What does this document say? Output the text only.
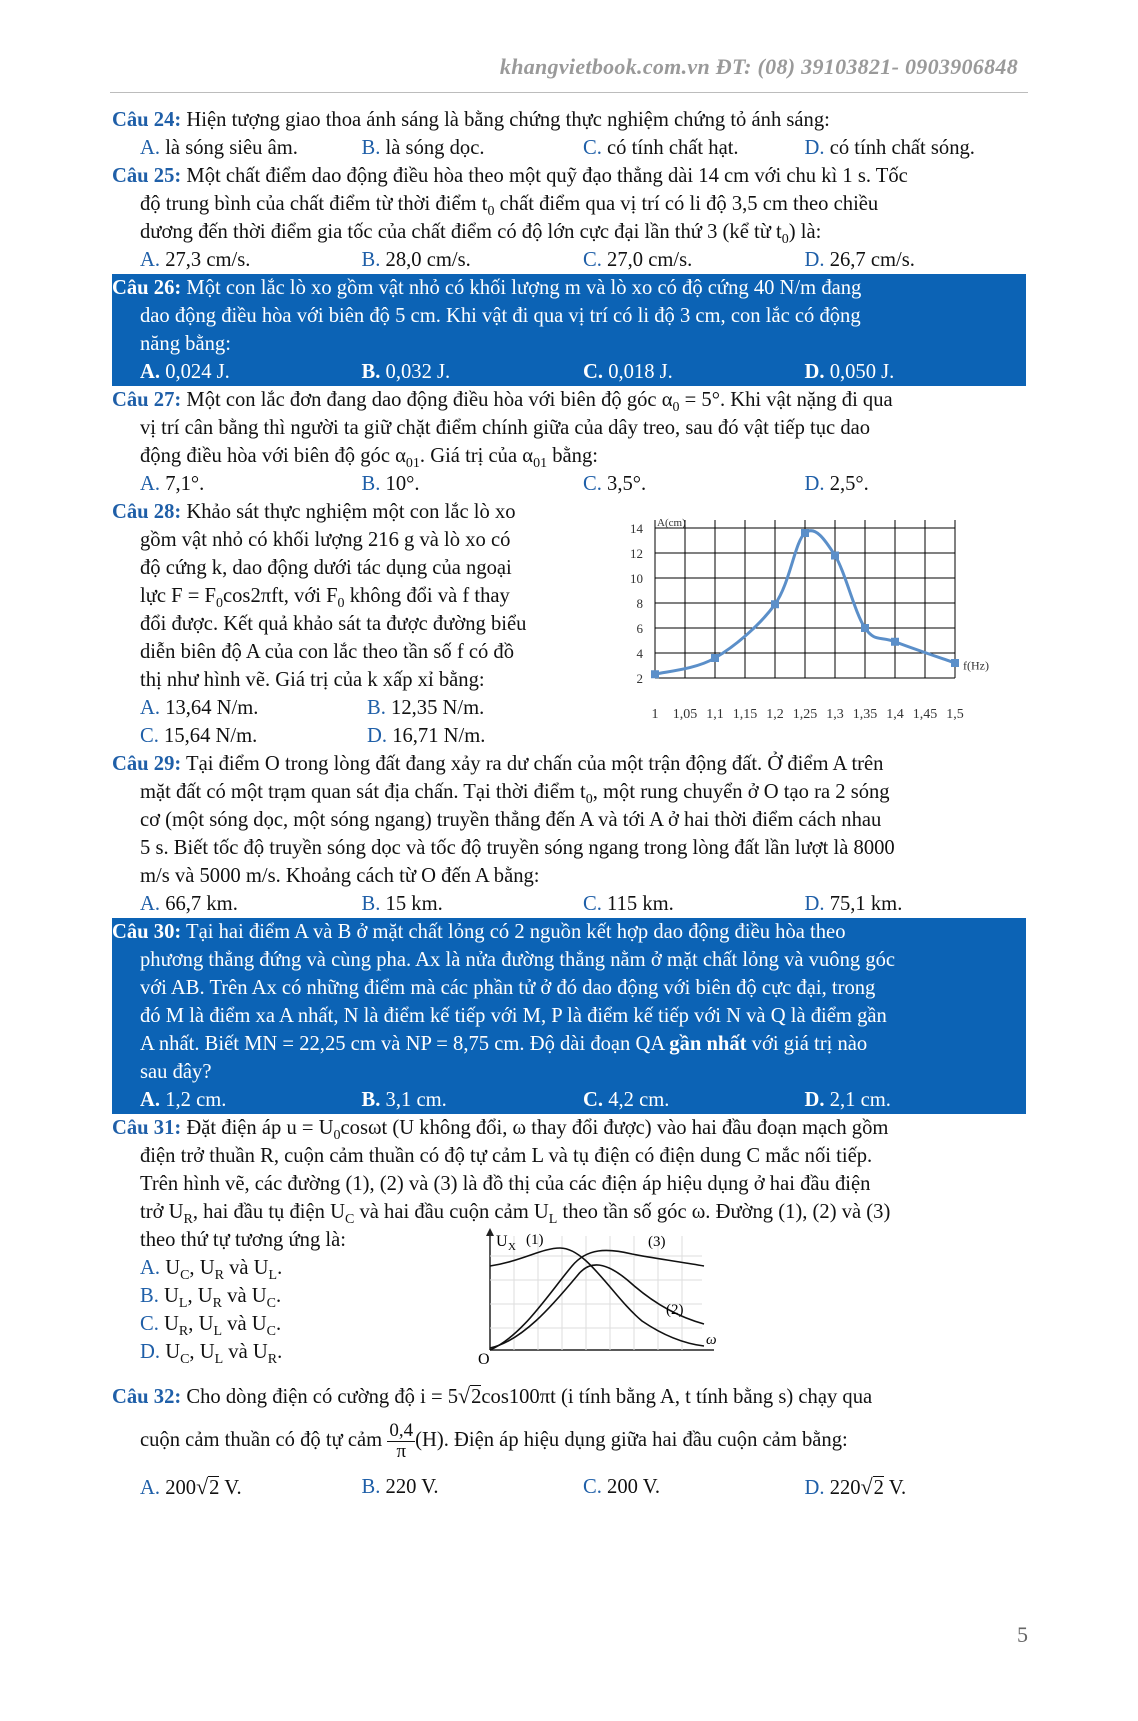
khangvietbook.com.vn ĐT: (08) 39103821- 0903906848
Câu 24: Hiện tượng giao thoa ánh sáng là bằng chứng thực nghiệm chứng tỏ ánh sáng:
A. là sóng siêu âm.	B. là sóng dọc.	C. có tính chất hạt.	D. có tính chất sóng.
Câu 25: Một chất điểm dao động điều hòa theo một quỹ đạo thẳng dài 14 cm với chu kì 1 s. Tốc
độ trung bình của chất điểm từ thời điểm $t_0$ chất điểm qua vị trí có li độ 3,5 cm theo chiều
dương đến thời điểm gia tốc của chất điểm có độ lớn cực đại lần thứ 3 (kể từ $t_0$) là:
A. 27,3 cm/s.	B. 28,0 cm/s.	C. 27,0 cm/s.	D. 26,7 cm/s.
Câu 26: Một con lắc lò xo gồm vật nhỏ có khối lượng m và lò xo có độ cứng 40 N/m đang
dao động điều hòa với biên độ 5 cm. Khi vật đi qua vị trí có li độ 3 cm, con lắc có động
năng bằng:
A. 0,024 J.	B. 0,032 J.	C. 0,018 J.	D. 0,050 J.
Câu 27: Một con lắc đơn đang dao động điều hòa với biên độ góc $\alpha_0 = 5^\circ$. Khi vật nặng đi qua
vị trí cân bằng thì người ta giữ chặt điểm chính giữa của dây treo, sau đó vật tiếp tục dao
động điều hòa với biên độ góc $\alpha_{01}$. Giá trị của $\alpha_{01}$ bằng:
A. 7,1°.	B. 10°.	C. 3,5°.	D. 2,5°.
Câu 28: Khảo sát thực nghiệm một con lắc lò xo
gồm vật nhỏ có khối lượng 216 g và lò xo có
độ cứng k, dao động dưới tác dụng của ngoại
lực $F = F_0\cos 2\pi ft$, với $F_0$ không đổi và f thay
đổi được. Kết quả khảo sát ta được đường biểu
diễn biên độ A của con lắc theo tần số f có đồ
thị như hình vẽ. Giá trị của k xấp xỉ bằng:
A. 13,64 N/m.	B. 12,35 N/m.
C. 15,64 N/m.	D. 16,71 N/m.
2
4
6
8
10
12
14
1 1,05 1,1 1,15 1,2 1,25 1,3 1,35 1,4 1,45 1,5
A(cm)
f(Hz)
Câu 29: Tại điểm O trong lòng đất đang xảy ra dư chấn của một trận động đất. Ở điểm A trên
mặt đất có một trạm quan sát địa chấn. Tại thời điểm $t_0$, một rung chuyển ở O tạo ra 2 sóng
cơ (một sóng dọc, một sóng ngang) truyền thẳng đến A và tới A ở hai thời điểm cách nhau
5 s. Biết tốc độ truyền sóng dọc và tốc độ truyền sóng ngang trong lòng đất lần lượt là 8000
m/s và 5000 m/s. Khoảng cách từ O đến A bằng:
A. 66,7 km.	B. 15 km.	C. 115 km.	D. 75,1 km.
Câu 30: Tại hai điểm A và B ở mặt chất lỏng có 2 nguồn kết hợp dao động điều hòa theo
phương thẳng đứng và cùng pha. Ax là nửa đường thẳng nằm ở mặt chất lỏng và vuông góc
với AB. Trên Ax có những điểm mà các phần tử ở đó dao động với biên độ cực đại, trong
đó M là điểm xa A nhất, N là điểm kế tiếp với M, P là điểm kế tiếp với N và Q là điểm gần
A nhất. Biết MN = 22,25 cm và NP = 8,75 cm. Độ dài đoạn QA gần nhất với giá trị nào
sau đây?
A. 1,2 cm.	B. 3,1 cm.	C. 4,2 cm.	D. 2,1 cm.
Câu 31: Đặt điện áp $u = U_0\cos\omega t$ (U không đổi, ω thay đổi được) vào hai đầu đoạn mạch gồm
điện trở thuần R, cuộn cảm thuần có độ tự cảm L và tụ điện có điện dung C mắc nối tiếp.
Trên hình vẽ, các đường (1), (2) và (3) là đồ thị của các điện áp hiệu dụng ở hai đầu điện
trở $U_R$, hai đầu tụ điện $U_C$ và hai đầu cuộn cảm $U_L$ theo tần số góc ω. Đường (1), (2) và (3)
theo thứ tự tương ứng là:
A. $U_C$, $U_R$ và $U_L$.
B. $U_L$, $U_R$ và $U_C$.
C. $U_R$, $U_L$ và $U_C$.
D. $U_C$, $U_L$ và $U_R$.
U X (1)	(3)
(2)
ω
O
Câu 32: Cho dòng điện có cường độ i = 5√2cos100πt (i tính bằng A, t tính bằng s) chạy qua
cuộn cảm thuần có độ tự cảm $\frac{0,4}{\pi} (H)$. Điện áp hiệu dụng giữa hai đầu cuộn cảm bằng:
A. 200√2 V.	B. 220 V.	C. 200 V.	D. 220√2 V.
5
